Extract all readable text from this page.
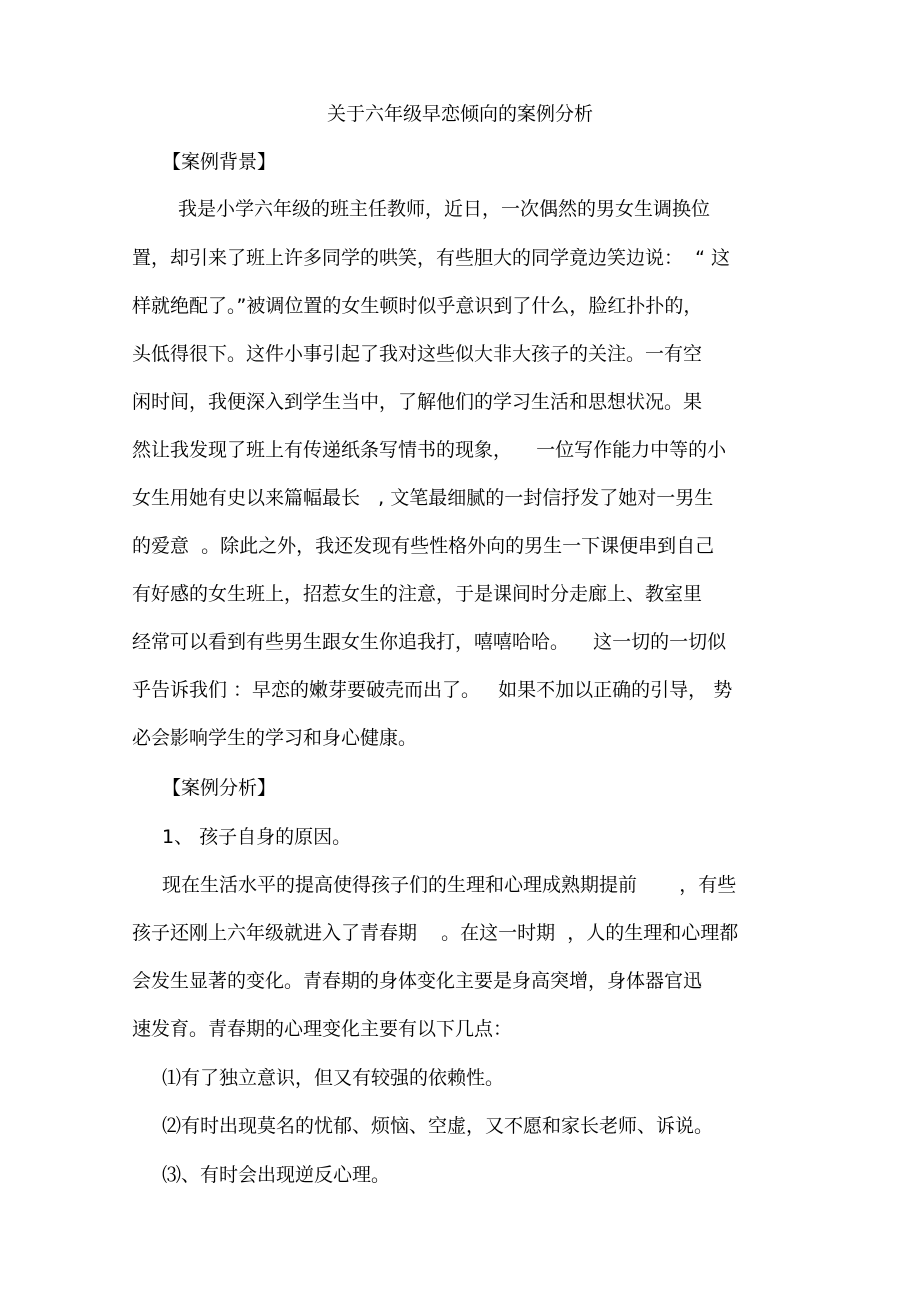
关于六年级早恋倾向的案例分析
【案例背景】
我是小学六年级的班主任教师，近日，一次偶然的男女生调换位
置，却引来了班上许多同学的哄笑，有些胆大的同学竟边笑边说：  “ 这
样就绝配了。”被调位置的女生顿时似乎意识到了什么，脸红扑扑的，
头低得很下。这件小事引起了我对这些似大非大孩子的关注。一有空
闲时间，我便深入到学生当中，了解他们的学习生活和思想状况。果
然让我发现了班上有传递纸条写情书的现象，    一位写作能力中等的小
女生用她有史以来篇幅最长   , 文笔最细腻的一封信抒发了她对一男生
的爱意  。除此之外，我还发现有些性格外向的男生一下课便串到自己
有好感的女生班上，招惹女生的注意，于是课间时分走廊上、教室里
经常可以看到有些男生跟女生你追我打，嘻嘻哈哈。    这一切的一切似
乎告诉我们 ：早恋的嫩芽要破壳而出了。   如果不加以正确的引导， 势
必会影响学生的学习和身心健康。
【案例分析】
1、 孩子自身的原因。
现在生活水平的提高使得孩子们的生理和心理成熟期提前       ，有些
孩子还刚上六年级就进入了青春期    。在这一时期  ，人的生理和心理都
会发生显著的变化。青春期的身体变化主要是身高突增，身体器官迅
速发育。青春期的心理变化主要有以下几点：
⑴有了独立意识，但又有较强的依赖性。
⑵有时出现莫名的忧郁、烦恼、空虚，又不愿和家长老师、诉说。
⑶、有时会出现逆反心理。
